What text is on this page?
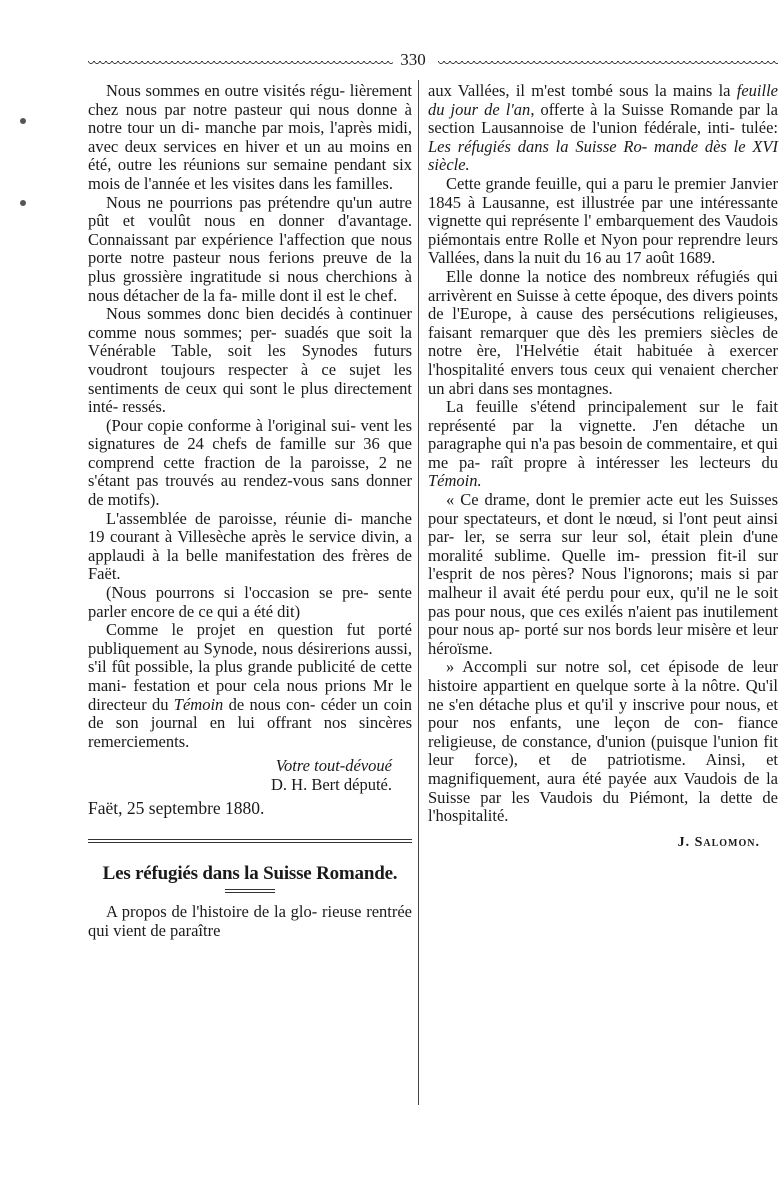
330

Nous sommes en outre visités régu- lièrement chez nous par notre pasteur qui nous donne à notre tour un di- manche par mois, l'après midi, avec deux services en hiver et un au moins en été, outre les réunions sur semaine pendant six mois de l'année et les visites dans les familles.

Nous ne pourrions pas prétendre qu'un autre pût et voulût nous en donner d'avantage. Connaissant par expérience l'affection que nous porte notre pasteur nous ferions preuve de la plus grossière ingratitude si nous cherchions à nous détacher de la fa- mille dont il est le chef.

Nous sommes donc bien decidés à continuer comme nous sommes; per- suadés que soit la Vénérable Table, soit les Synodes futurs voudront toujours respecter à ce sujet les sentiments de ceux qui sont le plus directement inté- ressés.

(Pour copie conforme à l'original sui- vent les signatures de 24 chefs de famille sur 36 que comprend cette fraction de la paroisse, 2 ne s'étant pas trouvés au rendez-vous sans donner de motifs).

L'assemblée de paroisse, réunie di- manche 19 courant à Villesèche après le service divin, a applaudi à la belle manifestation des frères de Faët.

(Nous pourrons si l'occasion se pre- sente parler encore de ce qui a été dit)

Comme le projet en question fut porté publiquement au Synode, nous désirerions aussi, s'il fût possible, la plus grande publicité de cette mani- festation et pour cela nous prions Mr le directeur du Témoin de nous con- céder un coin de son journal en lui offrant nos sincères remerciements.

Votre tout-dévoué
D. H. Bert député.

Faët, 25 septembre 1880.

Les réfugiés dans la Suisse Romande.

A propos de l'histoire de la glo- rieuse rentrée qui vient de paraître

aux Vallées, il m'est tombé sous la mains la feuille du jour de l'an, offerte à la Suisse Romande par la section Lausannoise de l'union fédérale, inti- tulée: Les réfugiés dans la Suisse Ro- mande dès le XVI siècle.

Cette grande feuille, qui a paru le premier Janvier 1845 à Lausanne, est illustrée par une intéressante vignette qui représente l' embarquement des Vaudois piémontais entre Rolle et Nyon pour reprendre leurs Vallées, dans la nuit du 16 au 17 août 1689.

Elle donne la notice des nombreux réfugiés qui arrivèrent en Suisse à cette époque, des divers points de l'Europe, à cause des persécutions religieuses, faisant remarquer que dès les premiers siècles de notre ère, l'Helvétie était habituée à exercer l'hospitalité envers tous ceux qui venaient chercher un abri dans ses montagnes.

La feuille s'étend principalement sur le fait représenté par la vignette. J'en détache un paragraphe qui n'a pas besoin de commentaire, et qui me pa- raît propre à intéresser les lecteurs du Témoin.

« Ce drame, dont le premier acte eut les Suisses pour spectateurs, et dont le nœud, si l'ont peut ainsi par- ler, se serra sur leur sol, était plein d'une moralité sublime. Quelle im- pression fit-il sur l'esprit de nos pères? Nous l'ignorons; mais si par malheur il avait été perdu pour eux, qu'il ne le soit pas pour nous, que ces exilés n'aient pas inutilement pour nous ap- porté sur nos bords leur misère et leur héroïsme.

» Accompli sur notre sol, cet épisode de leur histoire appartient en quelque sorte à la nôtre. Qu'il ne s'en détache plus et qu'il y inscrive pour nous, et pour nos enfants, une leçon de con- fiance religieuse, de constance, d'union (puisque l'union fit leur force), et de patriotisme. Ainsi, et magnifiquement, aura été payée aux Vaudois de la Suisse par les Vaudois du Piémont, la dette de l'hospitalité.

J. Salomon.
